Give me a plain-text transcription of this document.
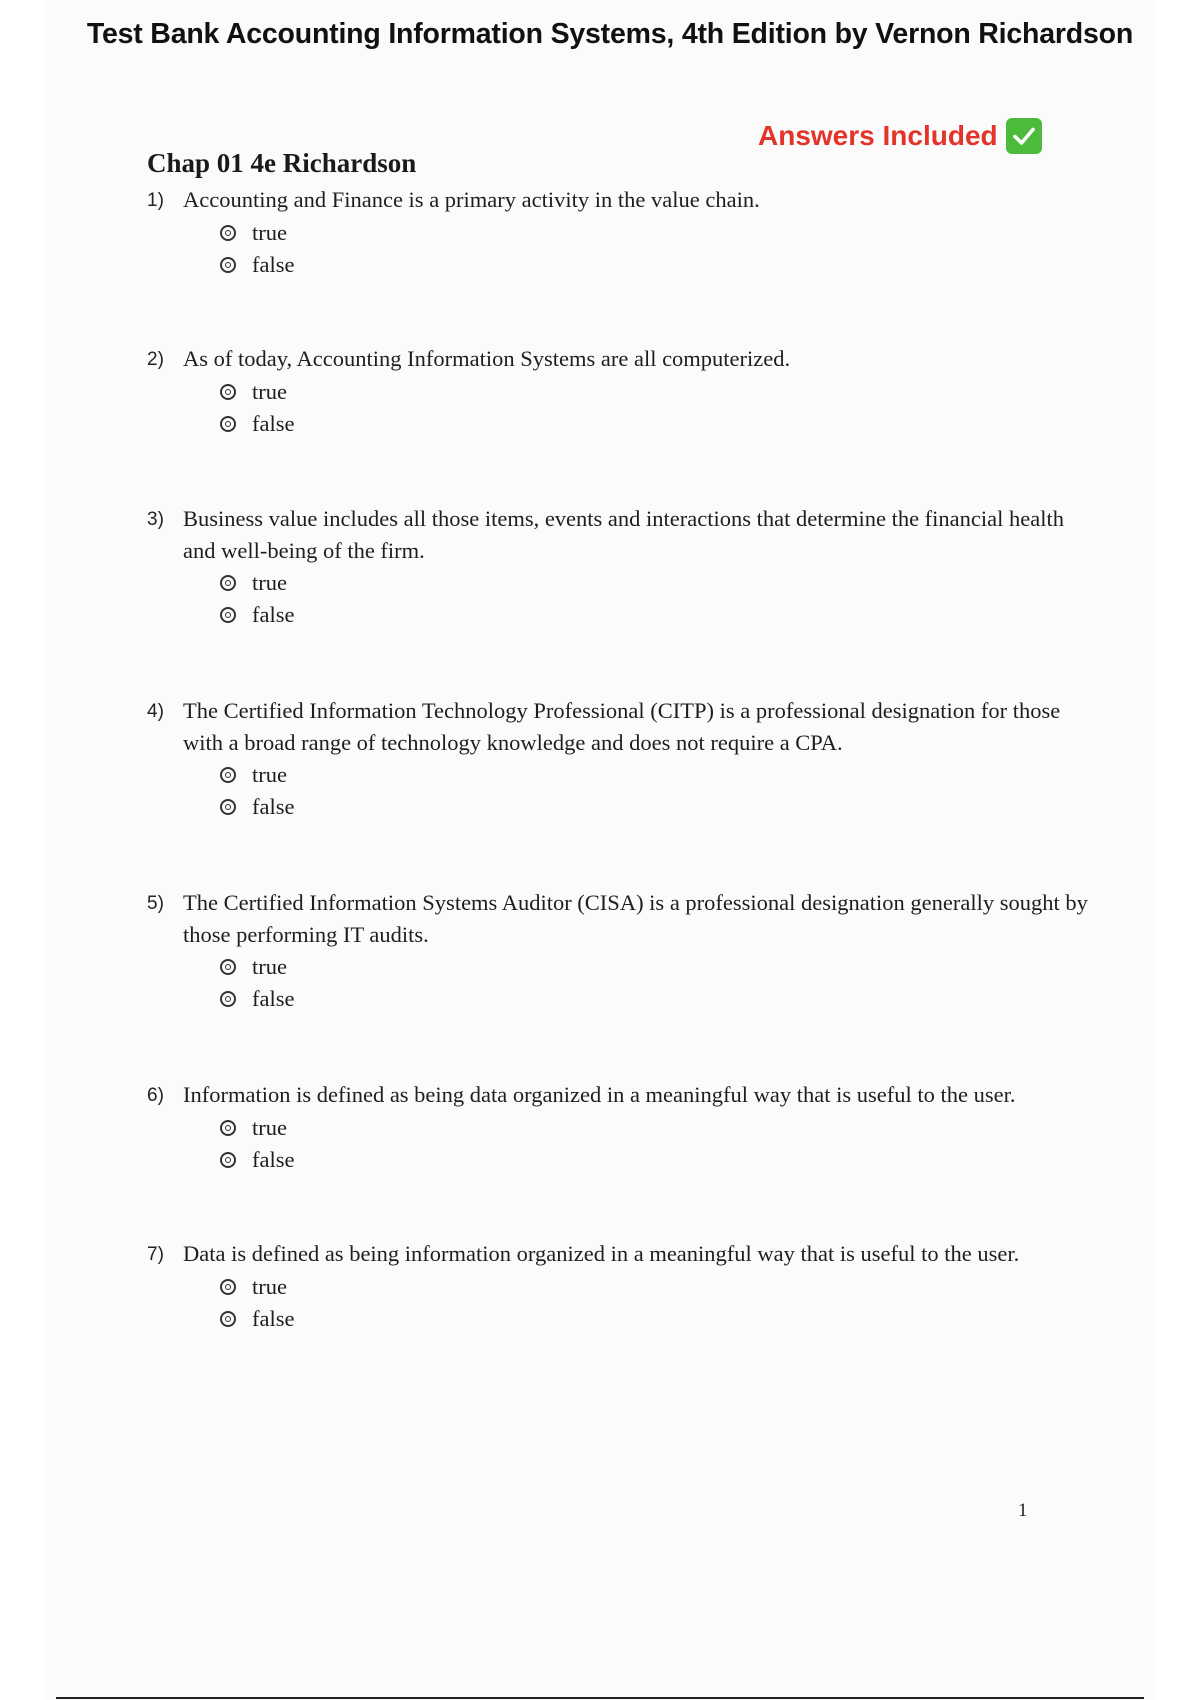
Test Bank Accounting Information Systems, 4th Edition by Vernon Richardson
Answers Included
Chap 01 4e Richardson
1) Accounting and Finance is a primary activity in the value chain.
true
false
2) As of today, Accounting Information Systems are all computerized.
true
false
3) Business value includes all those items, events and interactions that determine the financial health and well-being of the firm.
true
false
4) The Certified Information Technology Professional (CITP) is a professional designation for those with a broad range of technology knowledge and does not require a CPA.
true
false
5) The Certified Information Systems Auditor (CISA) is a professional designation generally sought by those performing IT audits.
true
false
6) Information is defined as being data organized in a meaningful way that is useful to the user.
true
false
7) Data is defined as being information organized in a meaningful way that is useful to the user.
true
false
1
